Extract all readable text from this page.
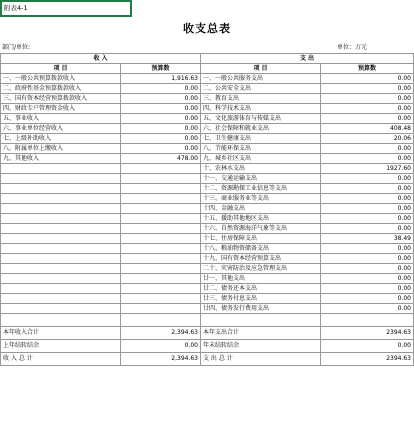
附表4-1
收支总表
部门/单位:	单位：万元
收 入		支 出	
项 目	预算数	项 目	预算数
一、一般公共预算拨款收入	1,916.63	一、一般公共服务支出	0.00
二、政府性基金预算拨款收入	0.00	二、公共安全支出	0.00
三、国有资本经营预算拨款收入	0.00	三、教育支出	0.00
四、财政专户管理资金收入	0.00	四、科学技术支出	0.00
五、事业收入	0.00	五、文化旅游体育与传媒支出	0.00
六、事业单位经营收入	0.00	六、社会保障和就业支出	408.48
七、上级补助收入	0.00	七、卫生健康支出	20.06
八、附属单位上缴收入	0.00	八、节能环保支出	0.00
九、其他收入	478.00	九、城乡社区支出	0.00
		十、农林水支出	1927.60
		十一、交通运输支出	0.00
		十二、资源勘探工业信息等支出	0.00
		十三、商业服务业等支出	0.00
		十四、金融支出	0.00
		十五、援助其他地区支出	0.00
		十六、自然资源海洋气象等支出	0.00
		十七、住房保障支出	38.49
		十八、粮油物资储备支出	0.00
		十九、国有资本经营预算支出	0.00
		二十、灾害防治及应急管理支出	0.00
		廿一、其他支出	0.00
		廿二、债务还本支出	0.00
		廿三、债务付息支出	0.00
		廿四、债务发行费用支出	0.00

本年收入合计	2,394.63	本年支出合计	2394.63
上年结转结余	0.00	年末结转结余	0.00
收 入 总 计	2,394.63	支 出 总 计	2394.63
